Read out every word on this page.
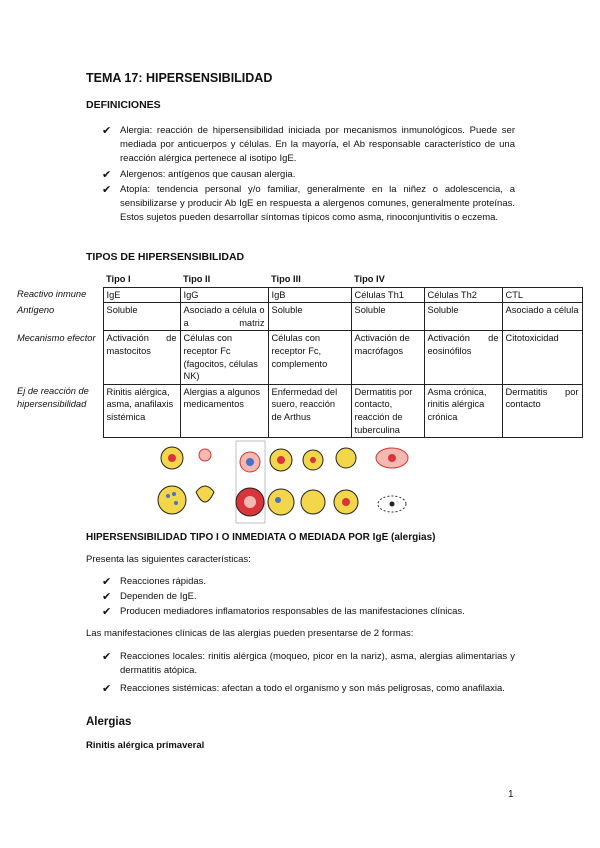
TEMA 17: HIPERSENSIBILIDAD
DEFINICIONES
✔ Alergia: reacción de hipersensibilidad iniciada por mecanismos inmunológicos. Puede ser mediada por anticuerpos y células. En la mayoría, el Ab responsable característico de una reacción alérgica pertenece al isotipo IgE.
✔ Alergenos: antígenos que causan alergia.
✔ Atopía: tendencia personal y/o familiar, generalmente en la niñez o adolescencia, a sensibilizarse y producir Ab IgE en respuesta a alergenos comunes, generalmente proteínas. Estos sujetos pueden desarrollar síntomas típicos como asma, rinoconjuntivitis o eczema.
TIPOS DE HIPERSENSIBILIDAD
	Tipo I	Tipo II	Tipo III	Tipo IV		
Reactivo inmune	IgE	IgG	IgB	Células Th1	Células Th2	CTL
Antígeno	Soluble	Asociado a célula o a matriz	Soluble	Soluble	Soluble	Asociado a célula
Mecanismo efector	Activación de mastocitos	Células con receptor Fc (fagocitos, células NK)	Células con receptor Fc, complemento	Activación de macrófagos	Activación de eosinófilos	Citotoxicidad
Ej de reacción de hipersensibilidad	Rinitis alérgica, asma, anafilaxis sistémica	Alergias a algunos medicamentos	Enfermedad del suero, reacción de Arthus	Dermatitis por contacto, reacción de tuberculina	Asma crónica, rinitis alérgica crónica	Dermatitis por contacto
HIPERSENSIBILIDAD TIPO I O INMEDIATA O MEDIADA POR IgE (alergias)
Presenta las siguientes características:
✔ Reacciones rápidas.
✔ Dependen de IgE.
✔ Producen mediadores inflamatorios responsables de las manifestaciones clínicas.
Las manifestaciones clínicas de las alergias pueden presentarse de 2 formas:
✔ Reacciones locales: rinitis alérgica (moqueo, picor en la nariz), asma, alergias alimentarias y dermatitis atópica.
✔ Reacciones sistémicas: afectan a todo el organismo y son más peligrosas, como anafilaxia.
Alergias
Rinitis alérgica primaveral
1
